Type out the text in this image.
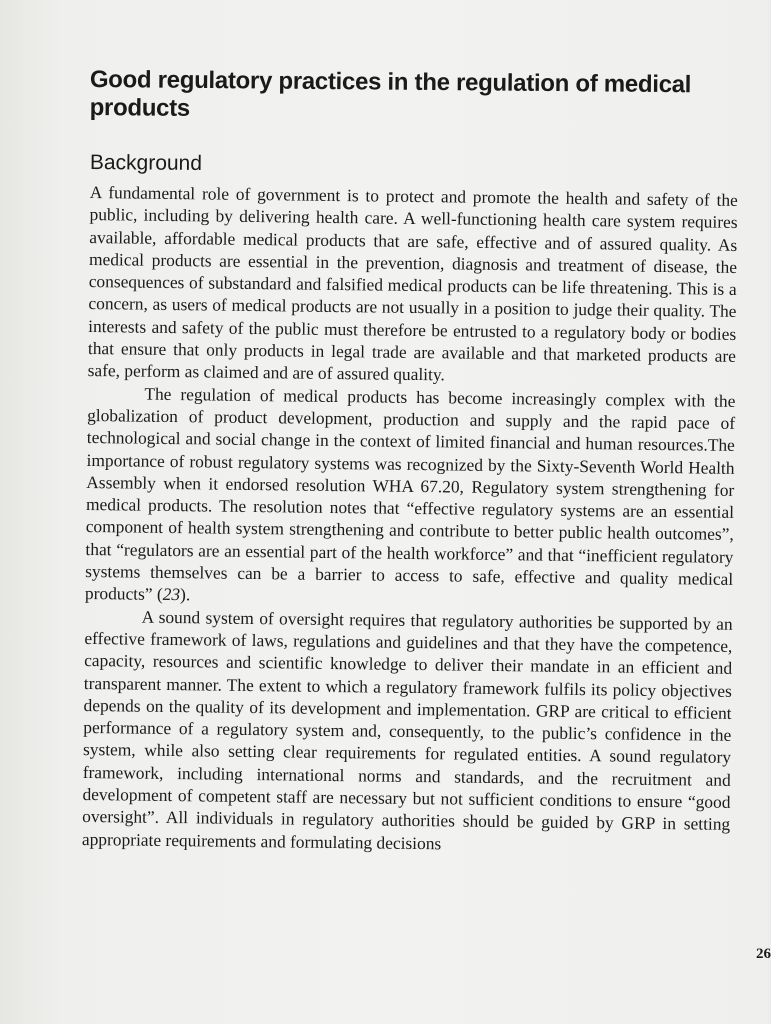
Good regulatory practices in the regulation of medical products
Background

A fundamental role of government is to protect and promote the health and safety of the public, including by delivering health care. A well-functioning health care system requires available, affordable medical products that are safe, effective and of assured quality. As medical products are essential in the prevention, diagnosis and treatment of disease, the consequences of substandard and falsified medical products can be life threatening. This is a concern, as users of medical products are not usually in a position to judge their quality. The interests and safety of the public must therefore be entrusted to a regulatory body or bodies that ensure that only products in legal trade are available and that marketed products are safe, perform as claimed and are of assured quality.

The regulation of medical products has become increasingly complex with the globalization of product development, production and supply and the rapid pace of technological and social change in the context of limited financial and human resources.The importance of robust regulatory systems was recognized by the Sixty-Seventh World Health Assembly when it endorsed resolution WHA 67.20, Regulatory system strengthening for medical products. The resolution notes that “effective regulatory systems are an essential component of health system strengthening and contribute to better public health outcomes”, that “regulators are an essential part of the health workforce” and that “inefficient regulatory systems themselves can be a barrier to access to safe, effective and quality medical products” (23).

A sound system of oversight requires that regulatory authorities be supported by an effective framework of laws, regulations and guidelines and that they have the competence, capacity, resources and scientific knowledge to deliver their mandate in an efficient and transparent manner. The extent to which a regulatory framework fulfils its policy objectives depends on the quality of its development and implementation. GRP are critical to efficient performance of a regulatory system and, consequently, to the public’s confidence in the system, while also setting clear requirements for regulated entities. A sound regulatory framework, including international norms and standards, and the recruitment and development of competent staff are necessary but not sufficient conditions to ensure “good oversight”. All individuals in regulatory authorities should be guided by GRP in setting appropriate requirements and formulating decisions

26
